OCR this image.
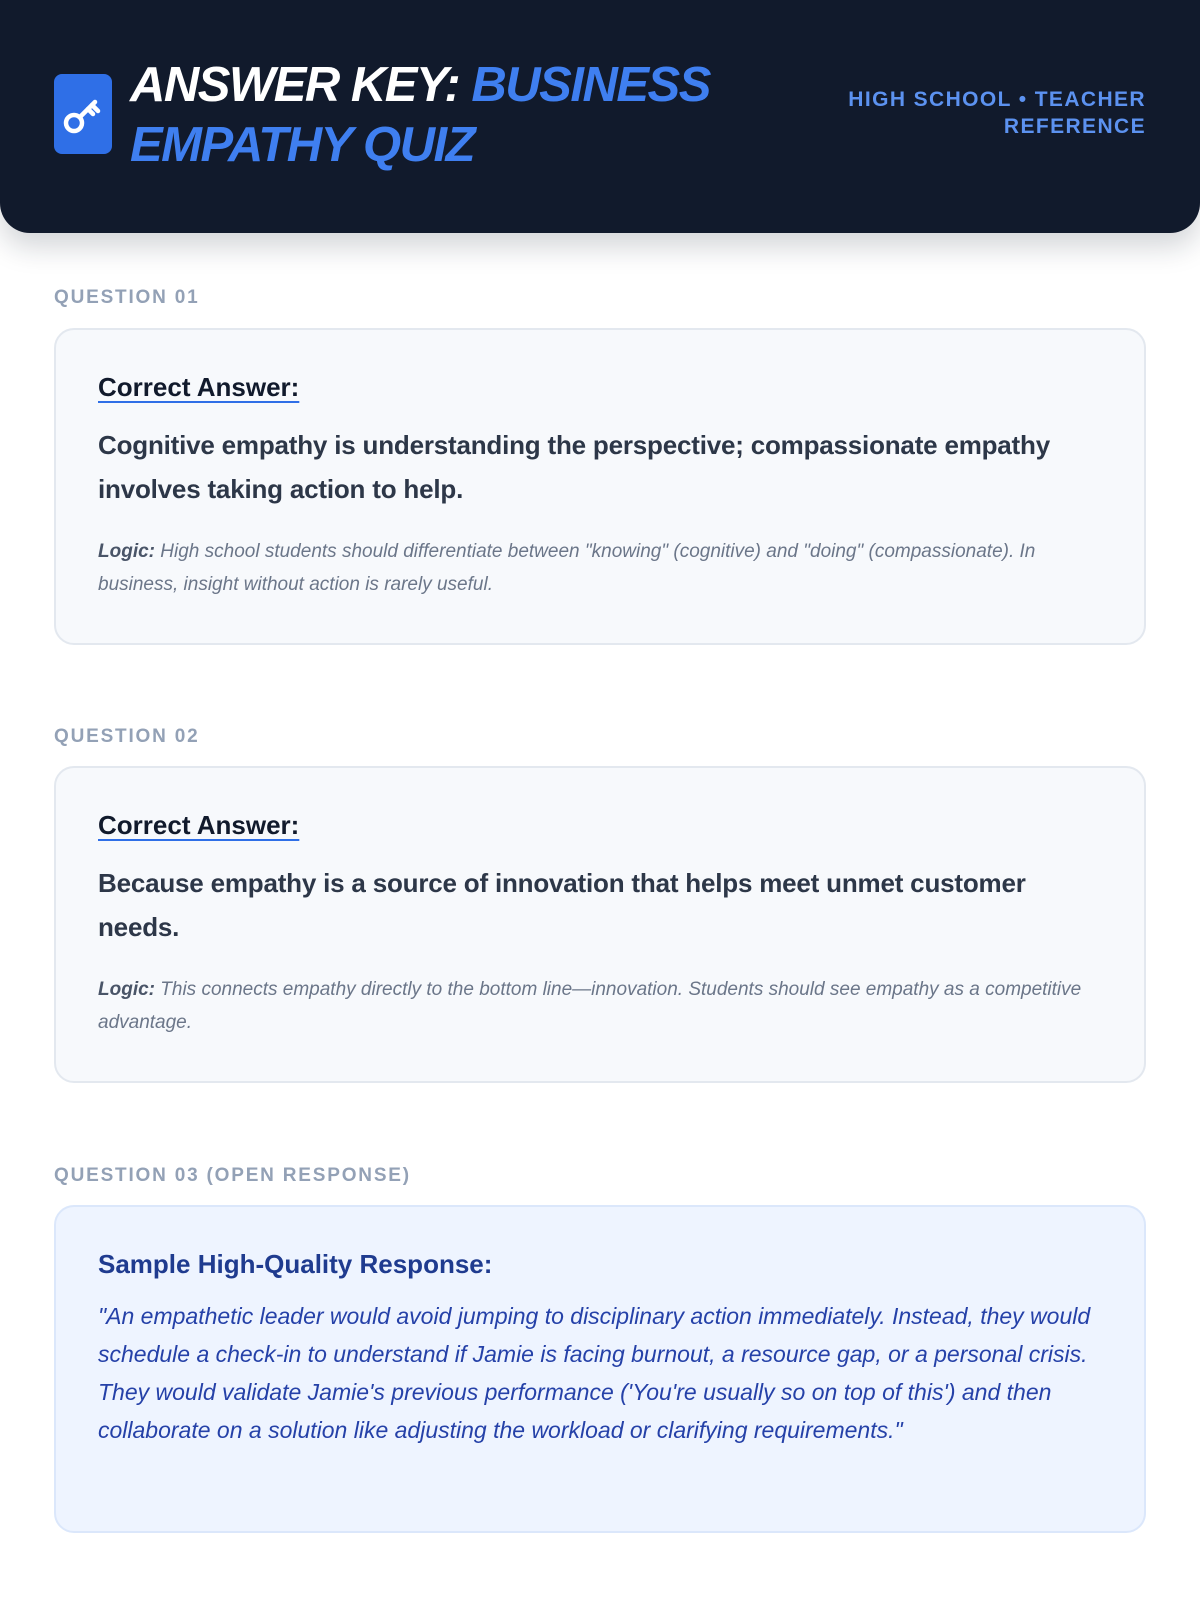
ANSWER KEY: BUSINESS EMPATHY QUIZ
HIGH SCHOOL • TEACHER REFERENCE

QUESTION 01

Correct Answer:

Cognitive empathy is understanding the perspective; compassionate empathy involves taking action to help.

Logic: High school students should differentiate between "knowing" (cognitive) and "doing" (compassionate). In business, insight without action is rarely useful.

QUESTION 02

Correct Answer:

Because empathy is a source of innovation that helps meet unmet customer needs.

Logic: This connects empathy directly to the bottom line—innovation. Students should see empathy as a competitive advantage.

QUESTION 03 (OPEN RESPONSE)

Sample High-Quality Response:

"An empathetic leader would avoid jumping to disciplinary action immediately. Instead, they would schedule a check-in to understand if Jamie is facing burnout, a resource gap, or a personal crisis. They would validate Jamie's previous performance ('You're usually so on top of this') and then collaborate on a solution like adjusting the workload or clarifying requirements."
